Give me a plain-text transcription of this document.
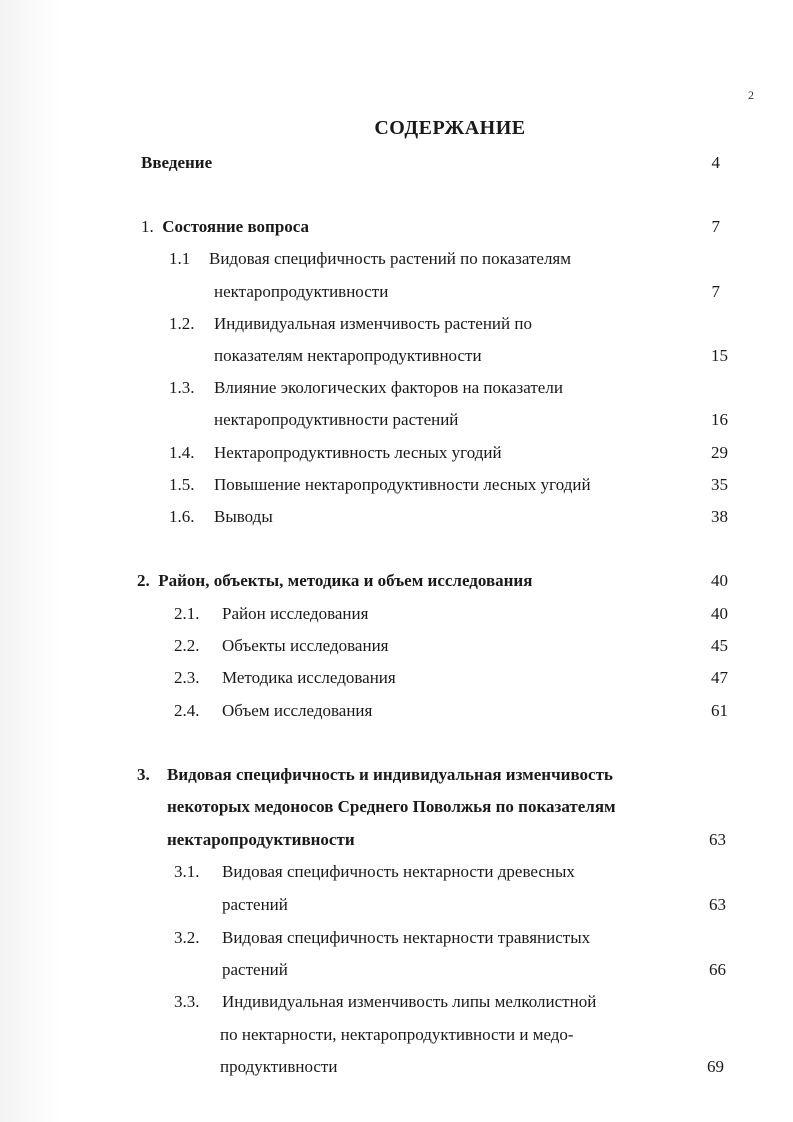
2
СОДЕРЖАНИЕ
Введение	4
1. Состояние вопроса	7
1.1 Видовая специфичность растений по показателям
нектаропродуктивности	7
1.2. Индивидуальная изменчивость растений по
показателям нектаропродуктивности	15
1.3. Влияние экологических факторов на показатели
нектаропродуктивности растений	16
1.4. Нектаропродуктивность лесных угодий	29
1.5. Повышение нектаропродуктивности лесных угодий	35
1.6. Выводы	38
2. Район, объекты, методика и объем исследования	40
2.1. Район исследования	40
2.2. Объекты исследования	45
2.3. Методика исследования	47
2.4. Объем исследования	61
3. Видовая специфичность и индивидуальная изменчивость
некоторых медоносов Среднего Поволжья по показателям
нектаропродуктивности	63
3.1. Видовая специфичность нектарности древесных
растений	63
3.2. Видовая специфичность нектарности травянистых
растений	66
3.3. Индивидуальная изменчивость липы мелколистной
по нектарности, нектаропродуктивности и медо-
продуктивности	69
